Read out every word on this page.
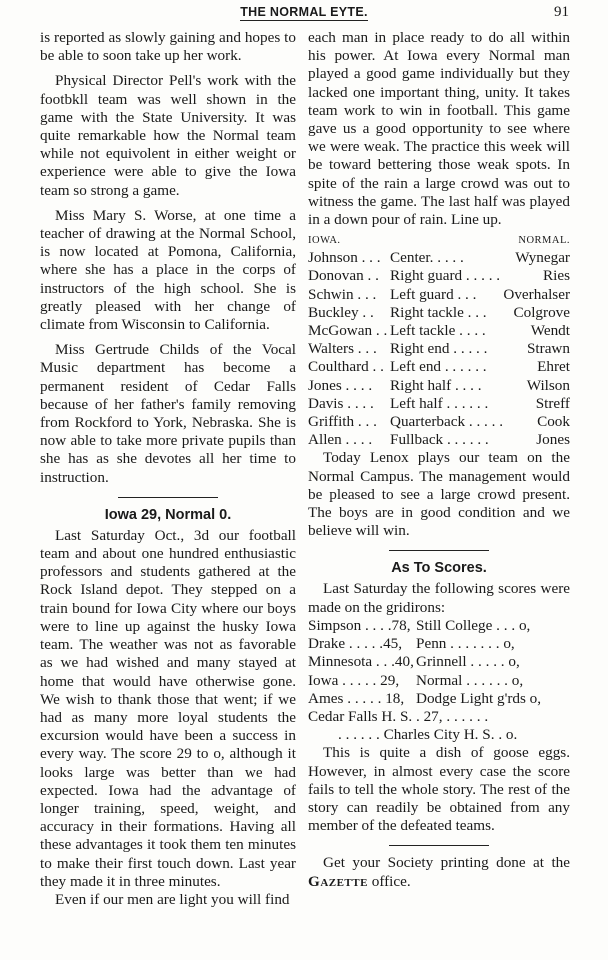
THE NORMAL EYTE.	91

is reported as slowly gaining and hopes to be able to soon take up her work.

Physical Director Pell's work with the footbkll team was well shown in the game with the State University. It was quite remarkable how the Normal team while not equivolent in either weight or experience were able to give the Iowa team so strong a game.

Miss Mary S. Worse, at one time a teacher of drawing at the Normal School, is now located at Pomona, California, where she has a place in the corps of instructors of the high school. She is greatly pleased with her change of climate from Wisconsin to California.

Miss Gertrude Childs of the Vocal Music department has become a permanent resident of Cedar Falls because of her father's family removing from Rockford to York, Nebraska. She is now able to take more private pupils than she has as she devotes all her time to instruction.

Iowa 29, Normal 0.

Last Saturday Oct., 3d our football team and about one hundred enthusiastic professors and students gathered at the Rock Island depot. They stepped on a train bound for Iowa City where our boys were to line up against the husky Iowa team. The weather was not as favorable as we had wished and many stayed at home that would have otherwise gone. We wish to thank those that went; if we had as many more loyal students the excursion would have been a success in every way. The score 29 to o, although it looks large was better than we had expected. Iowa had the advantage of longer training, speed, weight, and accuracy in their formations. Having all these advantages it took them ten minutes to make their first touch down. Last year they made it in three minutes.

Even if our men are light you will find

each man in place ready to do all within his power. At Iowa every Normal man played a good game individually but they lacked one important thing, unity. It takes team work to win in football. This game gave us a good opportunity to see where we were weak. The practice this week will be toward bettering those weak spots. In spite of the rain a large crowd was out to witness the game. The last half was played in a down pour of rain. Line up.

IOWA.	NORMAL.
Johnson . . . Center. . . . .	Wynegar
Donovan . . Right guard . . . . .	Ries
Schwin . . . Left guard . . .	Overhalser
Buckley . .	Right tackle . . .	Colgrove
McGowan . . Left tackle . . . .	Wendt
Walters . . . Right end . . . . .	Strawn
Coulthard . . Left end . . . . . .	Ehret
Jones . . . .	Right half . . . .	Wilson
Davis . . . .	Left half . . . . . .	Streff
Griffith . . . Quarterback . . . . .	Cook
Allen . . . .	Fullback . . . . . .	Jones

Today Lenox plays our team on the Normal Campus. The management would be pleased to see a large crowd present. The boys are in good condition and we believe will win.

As To Scores.

Last Saturday the following scores were made on the gridirons:

Simpson . . . .78, Still College . . . o,
Drake . . . . .45, Penn . . . . . . . o,
Minnesota . . .40, Grinnell . . . . . o,
Iowa . . . . . 29,	Normal . . . . . . o,
Ames . . . . . 18, Dodge Light g'rds o,
Cedar Falls H. S. . 27, . . . . . .
. . . . . . Charles City H. S. . o.

This is quite a dish of goose eggs. However, in almost every case the score fails to tell the whole story. The rest of the story can readily be obtained from any member of the defeated teams.

Get your Society printing done at the Gazette office.
